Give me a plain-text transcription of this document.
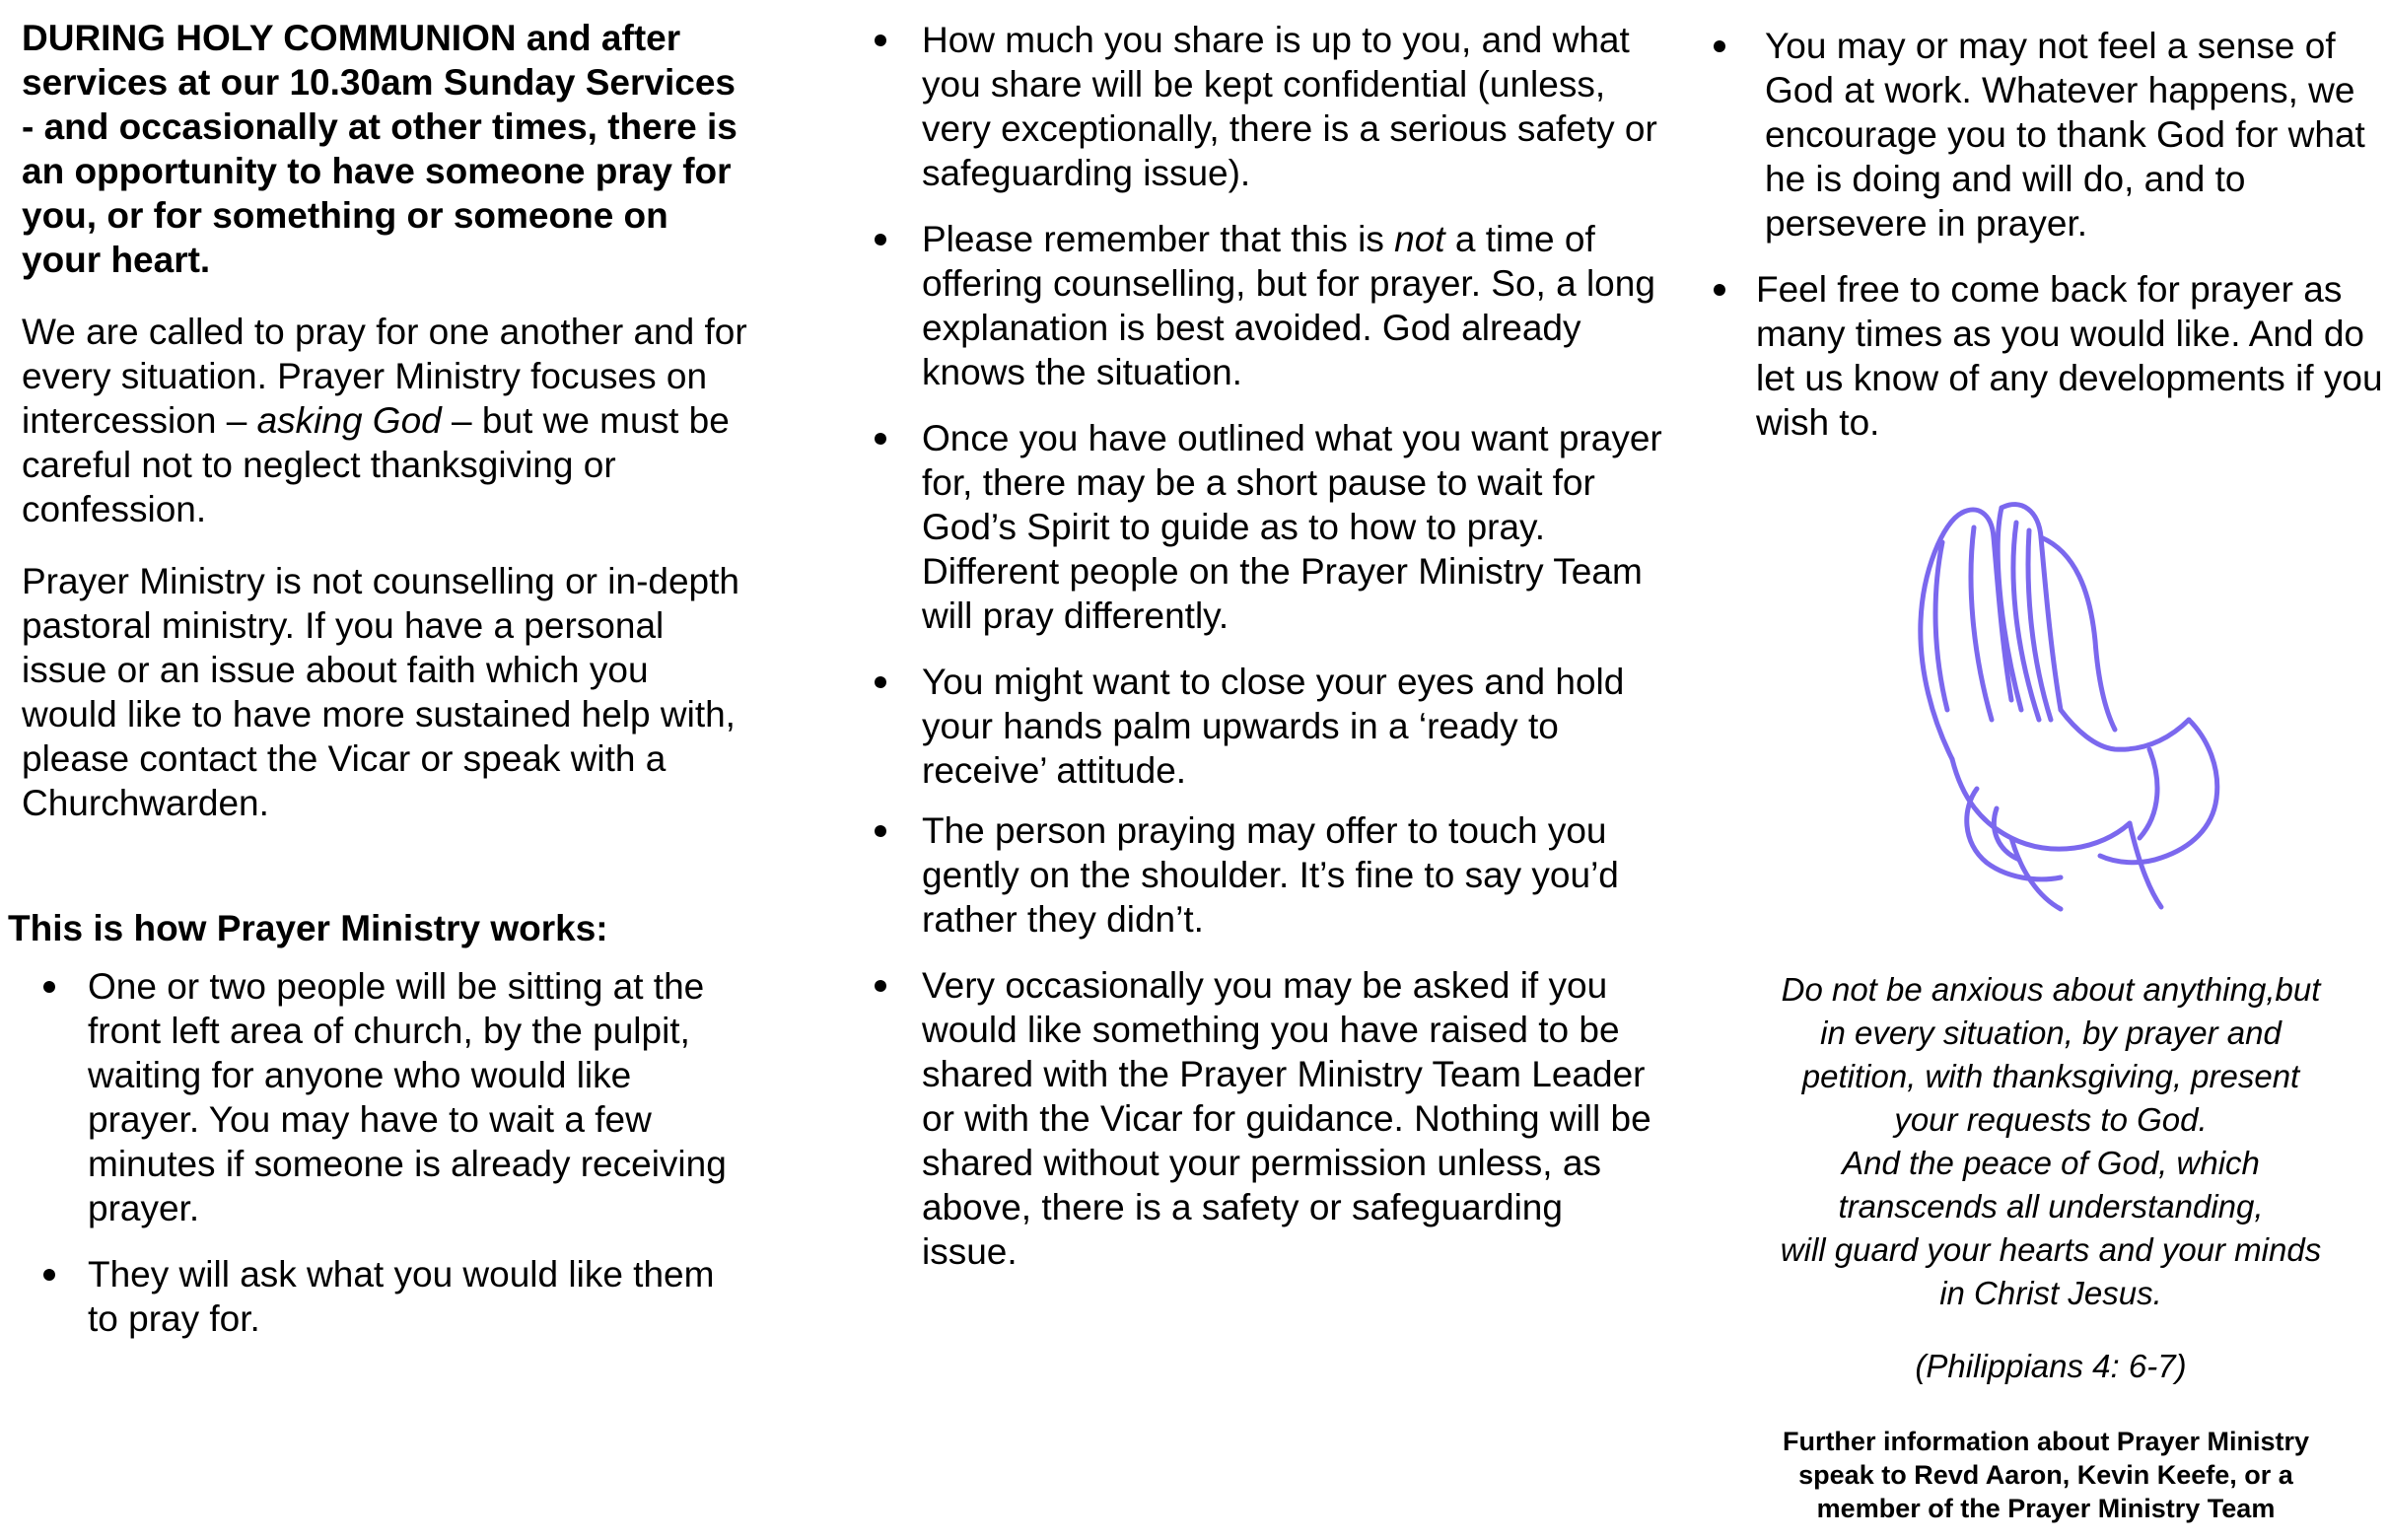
DURING HOLY COMMUNION and after services at our 10.30am Sunday Services - and occasionally at other times, there is an opportunity to have someone pray for you, or for something or someone on your heart.

We are called to pray for one another and for every situation. Prayer Ministry focuses on intercession – asking God – but we must be careful not to neglect thanksgiving or confession.

Prayer Ministry is not counselling or in-depth pastoral ministry. If you have a personal issue or an issue about faith which you would like to have more sustained help with, please contact the Vicar or speak with a Churchwarden.

This is how Prayer Ministry works:

One or two people will be sitting at the front left area of church, by the pulpit, waiting for anyone who would like prayer. You may have to wait a few minutes if someone is already receiving prayer.
They will ask what you would like them to pray for.
How much you share is up to you, and what you share will be kept confidential (unless, very exceptionally, there is a serious safety or safeguarding issue).
Please remember that this is not a time of offering counselling, but for prayer. So, a long explanation is best avoided. God already knows the situation.
Once you have outlined what you want prayer for, there may be a short pause to wait for God’s Spirit to guide as to how to pray. Different people on the Prayer Ministry Team will pray differently.
You might want to close your eyes and hold your hands palm upwards in a ‘ready to receive’ attitude.
The person praying may offer to touch you gently on the shoulder. It’s fine to say you’d rather they didn’t.
Very occasionally you may be asked if you would like something you have raised to be shared with the Prayer Ministry Team Leader or with the Vicar for guidance. Nothing will be shared without your permission unless, as above, there is a safety or safeguarding issue.
You may or may not feel a sense of God at work. Whatever happens, we encourage you to thank God for what he is doing and will do, and to persevere in prayer.
Feel free to come back for prayer as many times as you would like. And do let us know of any developments if you wish to.

Do not be anxious about anything,but

in every situation, by prayer and

petition, with thanksgiving, present

your requests to God.

And the peace of God, which

transcends all understanding,

will guard your hearts and your minds

in Christ Jesus.

(Philippians 4: 6-7)

Further information about Prayer Ministry

speak to Revd Aaron, Kevin Keefe, or a

member of the Prayer Ministry Team
